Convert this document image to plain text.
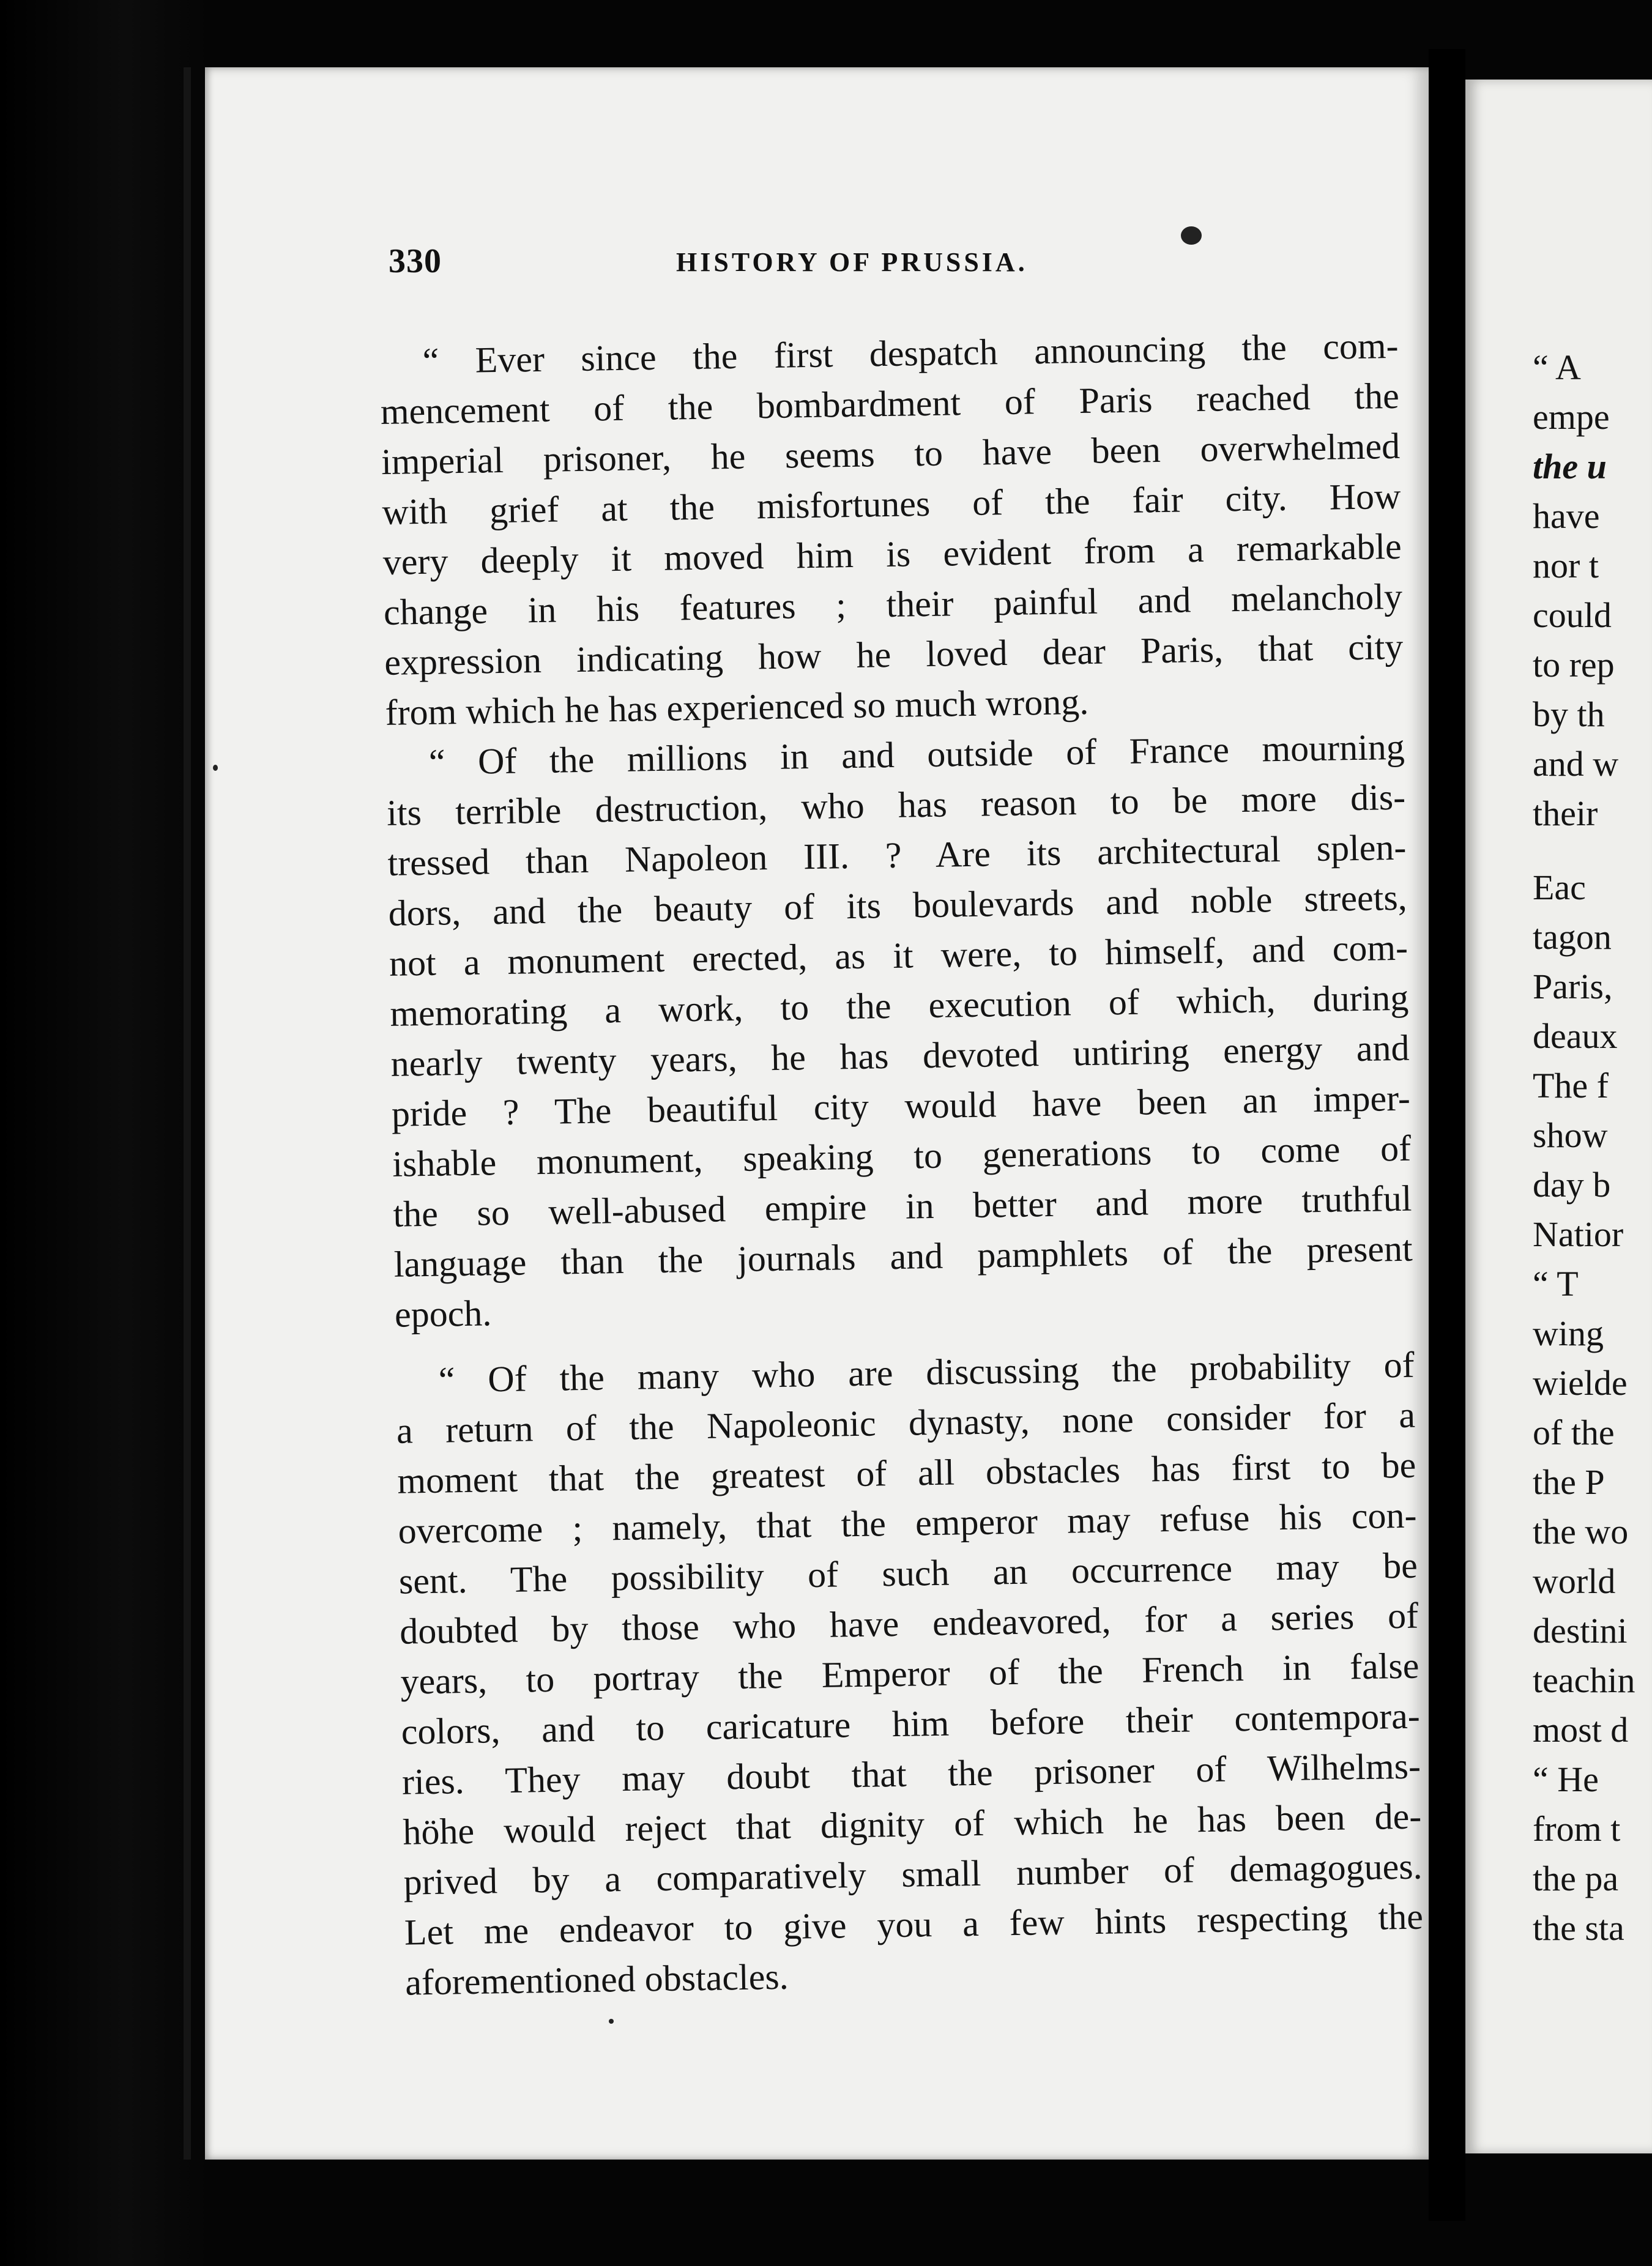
330	HISTORY OF PRUSSIA.
“ Ever since the first despatch announcing the com-
mencement of the bombardment of Paris reached the
imperial prisoner, he seems to have been overwhelmed
with grief at the misfortunes of the fair city. How
very deeply it moved him is evident from a remarkable
change in his features ; their painful and melancholy
expression indicating how he loved dear Paris, that city
from which he has experienced so much wrong.
“ Of the millions in and outside of France mourning
its terrible destruction, who has reason to be more dis-
tressed than Napoleon III. ? Are its architectural splen-
dors, and the beauty of its boulevards and noble streets,
not a monument erected, as it were, to himself, and com-
memorating a work, to the execution of which, during
nearly twenty years, he has devoted untiring energy and
pride ? The beautiful city would have been an imper-
ishable monument, speaking to generations to come of
the so well-abused empire in better and more truthful
language than the journals and pamphlets of the present
epoch.
“ Of the many who are discussing the probability of
a return of the Napoleonic dynasty, none consider for a
moment that the greatest of all obstacles has first to be
overcome ; namely, that the emperor may refuse his con-
sent. The possibility of such an occurrence may be
doubted by those who have endeavored, for a series of
years, to portray the Emperor of the French in false
colors, and to caricature him before their contempora-
ries. They may doubt that the prisoner of Wilhelms-
höhe would reject that dignity of which he has been de-
prived by a comparatively small number of demagogues.
Let me endeavor to give you a few hints respecting the
aforementioned obstacles.
“ A
empe
the u
have
nor t
could
to rep
by th
and w
their
Eac
tagon
Paris,
deaux
The f
show
day b
Natior
“ T
wing
wielde
of the
the P
the wo
world
destini
teachin
most d
“ He
from t
the pa
the sta
